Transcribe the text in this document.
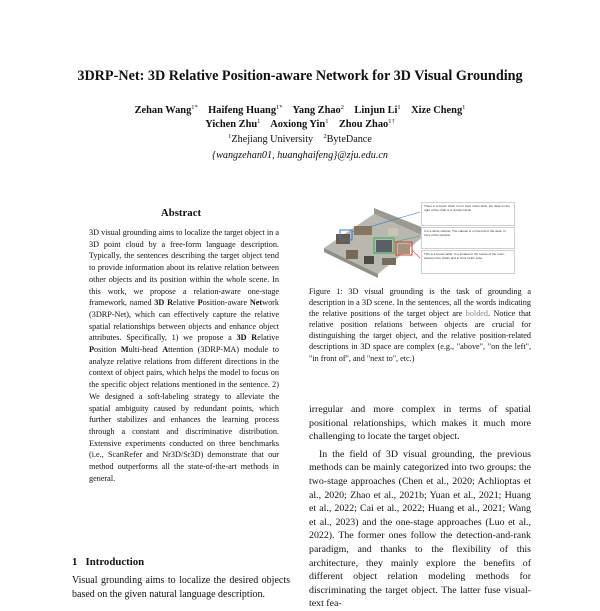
3DRP-Net: 3D Relative Position-aware Network for 3D Visual Grounding
Zehan Wang$^{1*}$ Haifeng Huang$^{1*}$ Yang Zhao$^2$ Linjun Li$^1$ Xize Cheng$^1$
Yichen Zhu$^1$ Aoxiong Yin$^1$ Zhou Zhao$^{1\dagger}$
$^1$Zhejiang University $^2$ByteDance
{wangzehan01, huanghaifeng}@zju.edu.cn
Abstract
3D visual grounding aims to localize the target object in a 3D point cloud by a free-form language description. Typically, the sentences describing the target object tend to provide information about its relative relation between other objects and its position within the whole scene. In this work, we propose a relation-aware one-stage framework, named 3D Relative Position-aware Network (3DRP-Net), which can effectively capture the relative spatial relationships between objects and enhance object attributes. Specifically, 1) we propose a 3D Relative Position Multi-head Attention (3DRP-MA) module to analyze relative relations from different directions in the context of object pairs, which helps the model to focus on the specific object relations mentioned in the sentence. 2) We designed a soft-labeling strategy to alleviate the spatial ambiguity caused by redundant points, which further stabilizes and enhances the learning process through a constant and discriminative distribution. Extensive experiments conducted on three benchmarks (i.e., ScanRefer and Nr3D/Sr3D) demonstrate that our method outperforms all the state-of-the-art methods in general.
1 Introduction
Visual grounding aims to localize the desired objects based on the given natural language description.
There is a brown chair, it is in front of the desk, the desk on the right of the chair is a wooden desk.
It is a white cabinet. The cabinet is on the left of the desk, in front of the window.
This is a brown table. It is located in the center of the room, between the chairs and in front of the sofa.
Figure 1: 3D visual grounding is the task of grounding a description in a 3D scene. In the sentences, all the words indicating the relative positions of the target object are bolded. Notice that relative position relations between objects are crucial for distinguishing the target object, and the relative position-related descriptions in 3D space are complex (e.g., "above", "on the left", "in front of", and "next to", etc.)

irregular and more complex in terms of spatial positional relationships, which makes it much more challenging to locate the target object.

In the field of 3D visual grounding, the previous methods can be mainly categorized into two groups: the two-stage approaches (Chen et al., 2020; Achlioptas et al., 2020; Zhao et al., 2021b; Yuan et al., 2021; Huang et al., 2022; Cai et al., 2022; Huang et al., 2021; Wang et al., 2023) and the one-stage approaches (Luo et al., 2022). The former ones follow the detection-and-rank paradigm, and thanks to the flexibility of this architecture, they mainly explore the benefits of different object relation modeling methods for discriminating the target object. The latter fuse visual-text fea-
